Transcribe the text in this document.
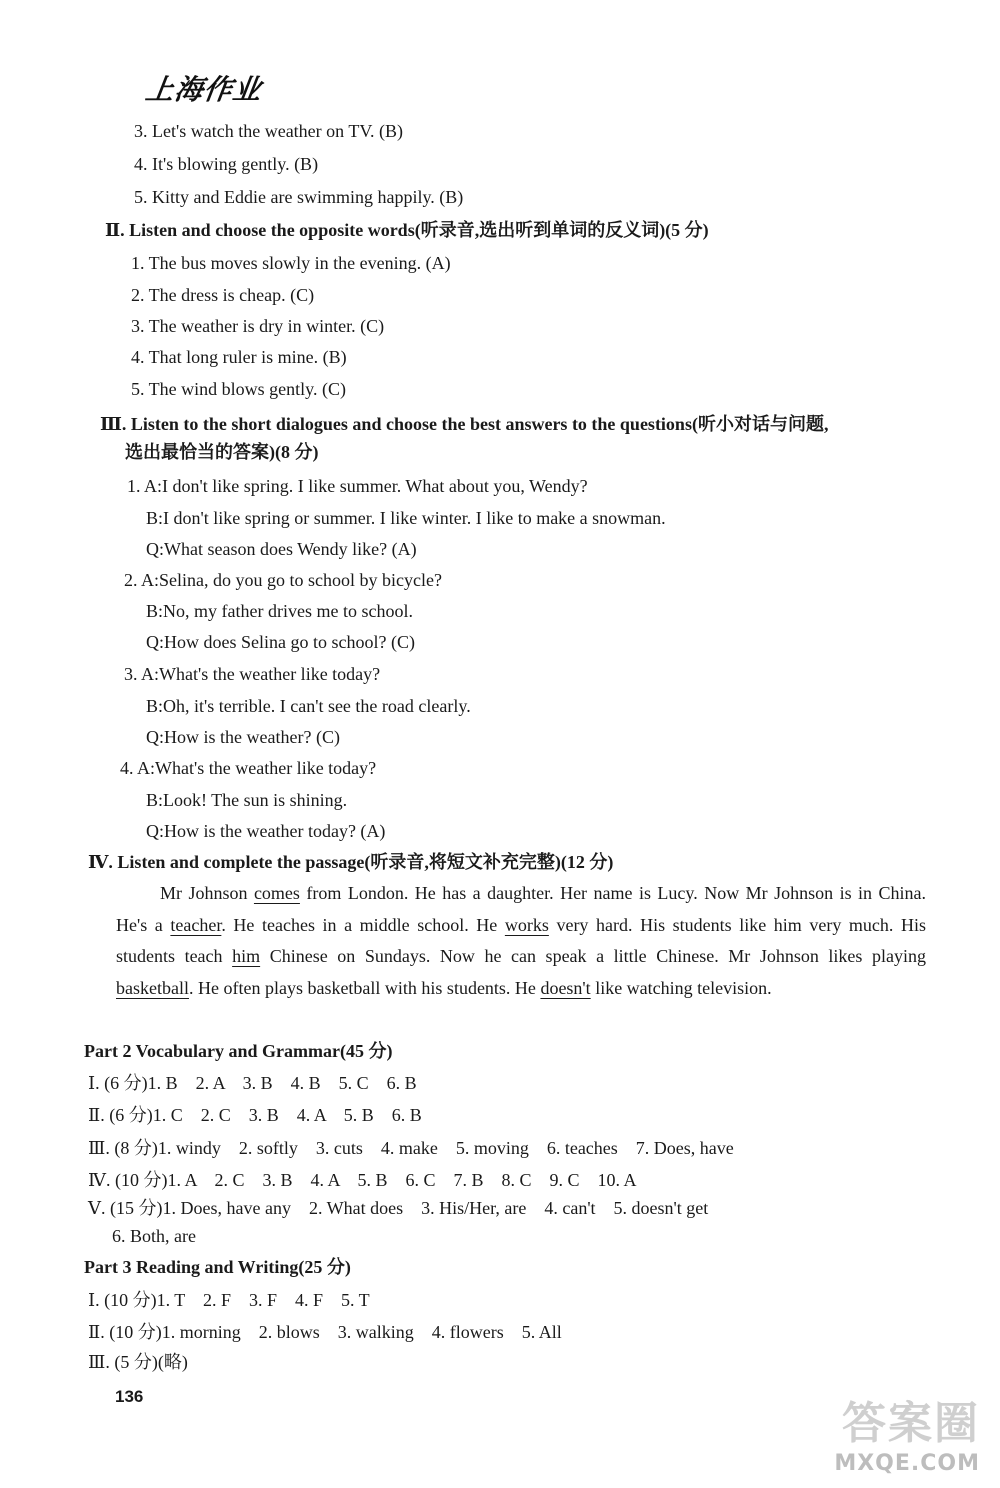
上海作业
3. Let's watch the weather on TV. (B)
4. It's blowing gently. (B)
5. Kitty and Eddie are swimming happily. (B)
Ⅱ. Listen and choose the opposite words(听录音,选出听到单词的反义词)(5 分)
1. The bus moves slowly in the evening. (A)
2. The dress is cheap. (C)
3. The weather is dry in winter. (C)
4. That long ruler is mine. (B)
5. The wind blows gently. (C)
Ⅲ. Listen to the short dialogues and choose the best answers to the questions(听小对话与问题,
选出最恰当的答案)(8 分)
1. A:I don't like spring. I like summer. What about you, Wendy?
B:I don't like spring or summer. I like winter. I like to make a snowman.
Q:What season does Wendy like? (A)
2. A:Selina, do you go to school by bicycle?
B:No, my father drives me to school.
Q:How does Selina go to school? (C)
3. A:What's the weather like today?
B:Oh, it's terrible. I can't see the road clearly.
Q:How is the weather? (C)
4. A:What's the weather like today?
B:Look! The sun is shining.
Q:How is the weather today? (A)
Ⅳ. Listen and complete the passage(听录音,将短文补充完整)(12 分)

Mr Johnson comes from London. He has a daughter. Her name is Lucy. Now Mr Johnson is in China. He's a teacher. He teaches in a middle school. He works very hard. His students like him very much. His students teach him Chinese on Sundays. Now he can speak a little Chinese. Mr Johnson likes playing basketball. He often plays basketball with his students. He doesn't like watching television.

Part 2 Vocabulary and Grammar(45 分)
Ⅰ. (6 分)1. B    2. A    3. B    4. B    5. C    6. B
Ⅱ. (6 分)1. C    2. C    3. B    4. A    5. B    6. B
Ⅲ. (8 分)1. windy    2. softly    3. cuts    4. make    5. moving    6. teaches    7. Does, have
Ⅳ. (10 分)1. A    2. C    3. B    4. A    5. B    6. C    7. B    8. C    9. C    10. A
Ⅴ. (15 分)1. Does, have any    2. What does    3. His/Her, are    4. can't    5. doesn't get
6. Both, are
Part 3 Reading and Writing(25 分)
Ⅰ. (10 分)1. T    2. F    3. F    4. F    5. T
Ⅱ. (10 分)1. morning    2. blows    3. walking    4. flowers    5. All
Ⅲ. (5 分)(略)
136
答案圈
MXQE.COM
